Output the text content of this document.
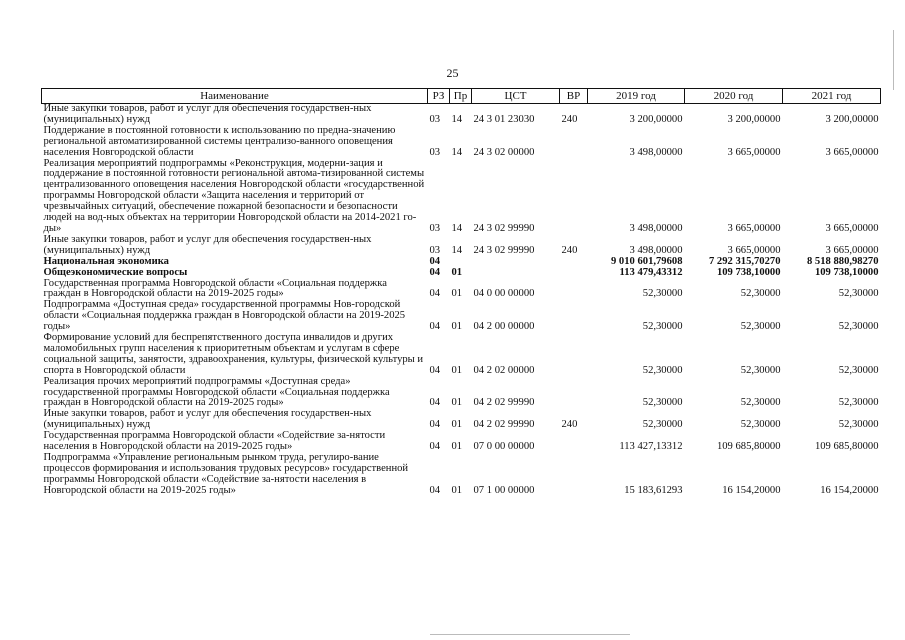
25
Наименование	РЗ	Пр	ЦСТ	ВР	2019 год	2020 год	2021 год
Иные закупки товаров, работ и услуг для обеспечения государствен-ных (муниципальных) нужд	03	14	24 3 01 23030	240	3 200,00000	3 200,00000	3 200,00000
Поддержание в постоянной готовности к использованию по предна-значению региональной автоматизированной системы централизо-ванного оповещения населения Новгородской области	03	14	24 3 02 00000		3 498,00000	3 665,00000	3 665,00000
Реализация мероприятий подпрограммы «Реконструкция, модерни-зация и поддержание в постоянной готовности региональной автома-тизированной системы централизованного оповещения населения Новгородской области «государственной программы Новгородской области «Защита населения и территорий от чрезвычайных ситуаций, обеспечение пожарной безопасности и безопасности людей на вод-ных объектах на территории Новгородской области на 2014-2021 го-ды»	03	14	24 3 02 99990		3 498,00000	3 665,00000	3 665,00000
Иные закупки товаров, работ и услуг для обеспечения государствен-ных (муниципальных) нужд	03	14	24 3 02 99990	240	3 498,00000	3 665,00000	3 665,00000
Национальная экономика	04				9 010 601,79608	7 292 315,70270	8 518 880,98270
Общеэкономические вопросы	04	01			113 479,43312	109 738,10000	109 738,10000
Государственная программа Новгородской области «Социальная поддержка граждан в Новгородской области на 2019-2025 годы»	04	01	04 0 00 00000		52,30000	52,30000	52,30000
Подпрограмма «Доступная среда» государственной программы Нов-городской области «Социальная поддержка граждан в Новгородской области на 2019-2025 годы»	04	01	04 2 00 00000		52,30000	52,30000	52,30000
Формирование условий для беспрепятственного доступа инвалидов и других маломобильных групп населения к приоритетным объектам и услугам в сфере социальной защиты, занятости, здравоохранения, культуры, физической культуры и спорта в Новгородской области	04	01	04 2 02 00000		52,30000	52,30000	52,30000
Реализация прочих мероприятий подпрограммы «Доступная среда» государственной программы Новгородской области «Социальная поддержка граждан в Новгородской области на 2019-2025 годы»	04	01	04 2 02 99990		52,30000	52,30000	52,30000
Иные закупки товаров, работ и услуг для обеспечения государствен-ных (муниципальных) нужд	04	01	04 2 02 99990	240	52,30000	52,30000	52,30000
Государственная программа Новгородской области «Содействие за-нятости населения в Новгородской области на 2019-2025 годы»	04	01	07 0 00 00000		113 427,13312	109 685,80000	109 685,80000
Подпрограмма «Управление региональным рынком труда, регулиро-вание процессов формирования и использования трудовых ресурсов» государственной программы Новгородской области «Содействие за-нятости населения в Новгородской области на 2019-2025 годы»	04	01	07 1 00 00000		15 183,61293	16 154,20000	16 154,20000
